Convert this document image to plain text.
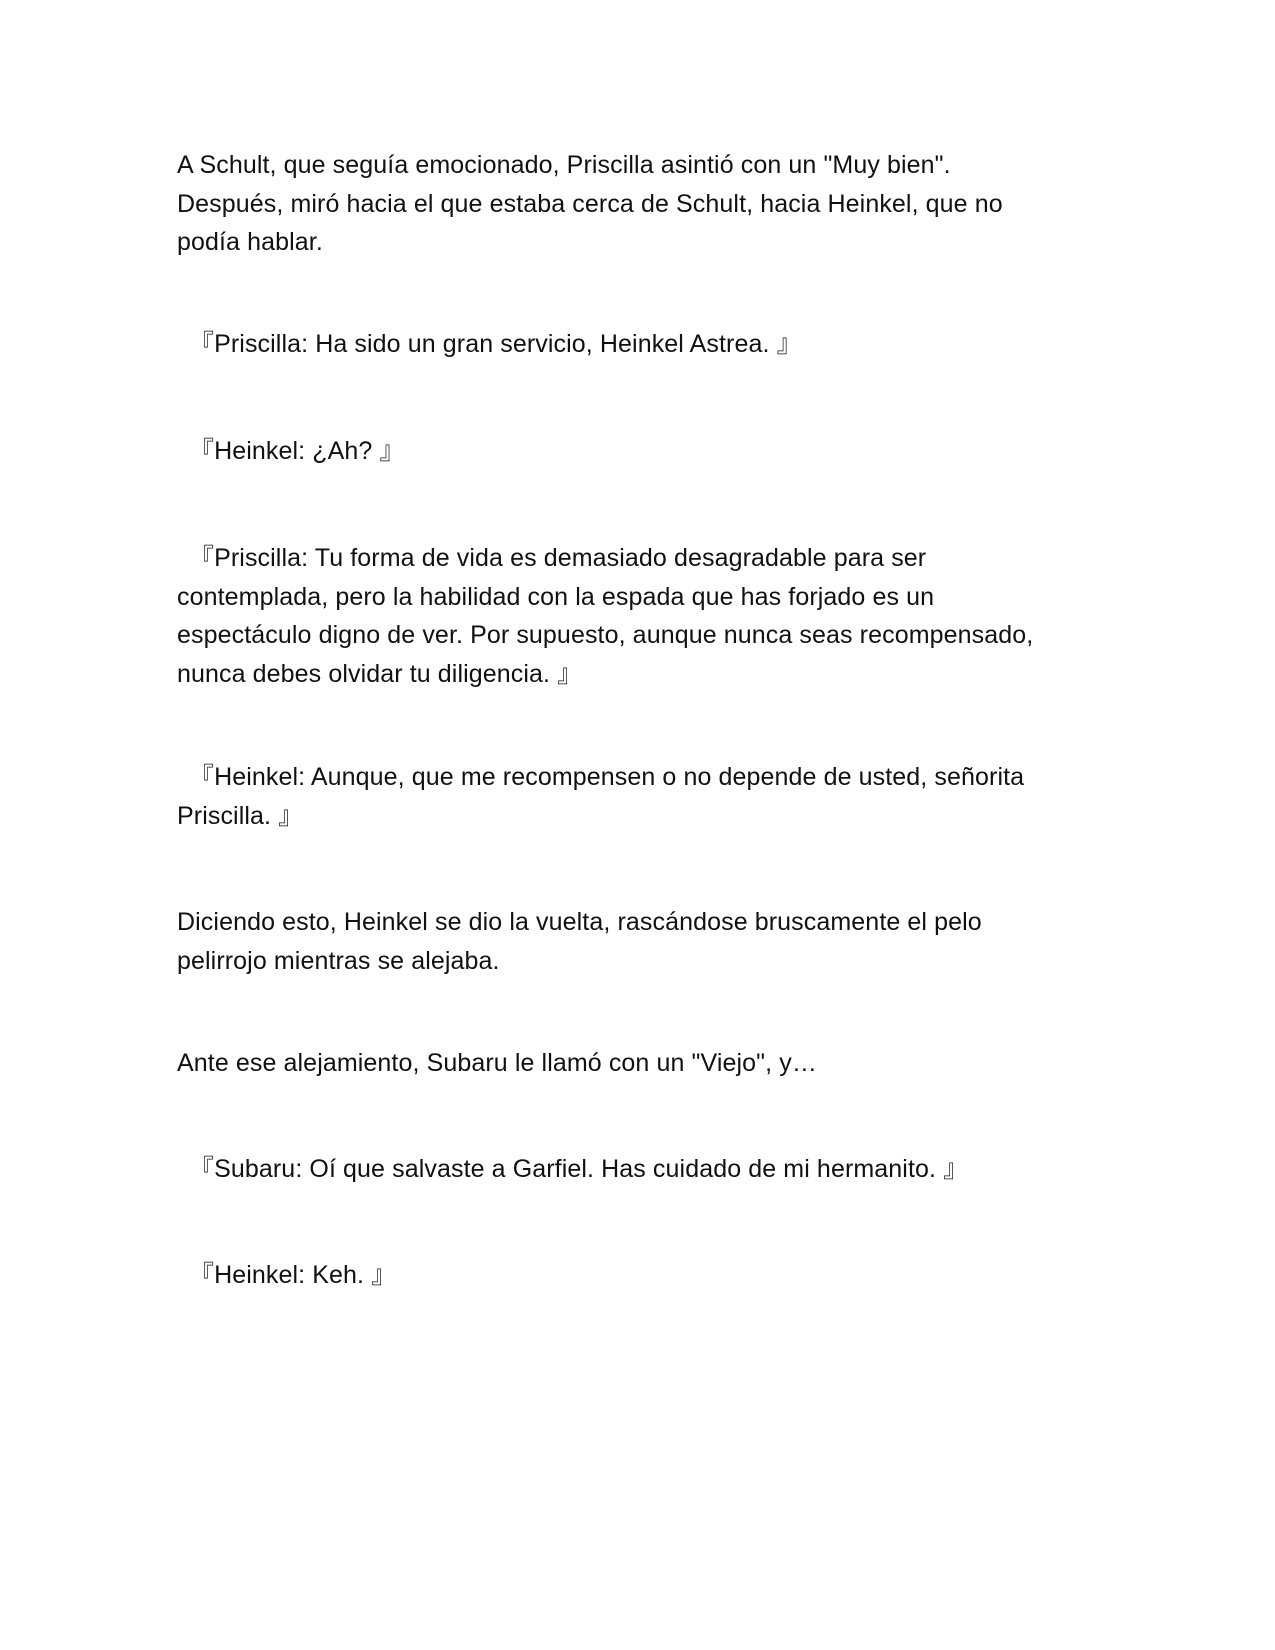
A Schult, que seguía emocionado, Priscilla asintió con un "Muy bien".
Después, miró hacia el que estaba cerca de Schult, hacia Heinkel, que no
podía hablar.

『Priscilla: Ha sido un gran servicio, Heinkel Astrea. 』

『Heinkel: ¿Ah? 』

『Priscilla: Tu forma de vida es demasiado desagradable para ser
contemplada, pero la habilidad con la espada que has forjado es un
espectáculo digno de ver. Por supuesto, aunque nunca seas recompensado,
nunca debes olvidar tu diligencia. 』

『Heinkel: Aunque, que me recompensen o no depende de usted, señorita
Priscilla. 』

Diciendo esto, Heinkel se dio la vuelta, rascándose bruscamente el pelo
pelirrojo mientras se alejaba.

Ante ese alejamiento, Subaru le llamó con un "Viejo", y…

『Subaru: Oí que salvaste a Garfiel. Has cuidado de mi hermanito. 』

『Heinkel: Keh. 』
